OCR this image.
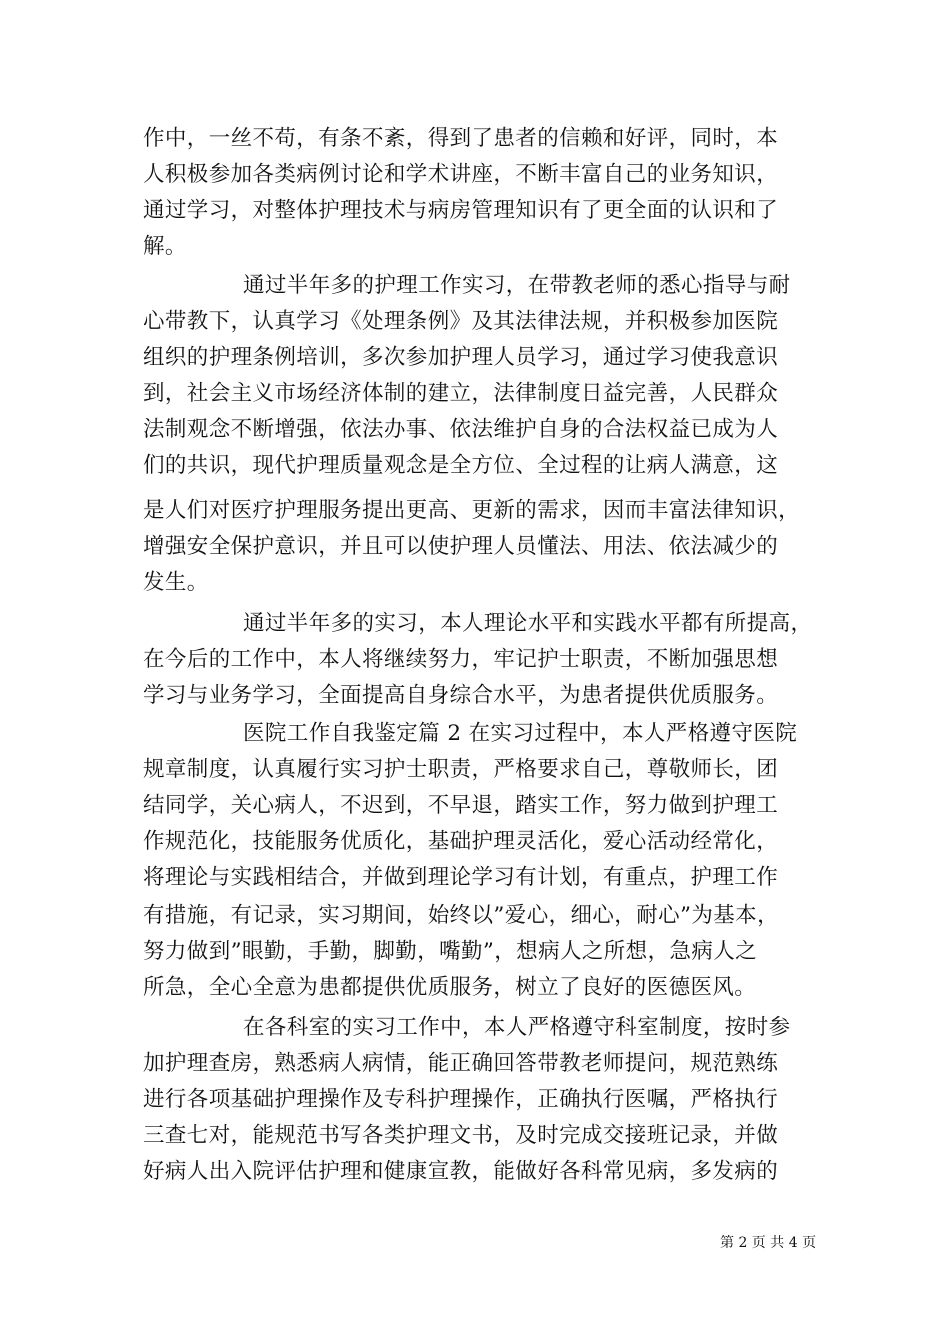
作中，一丝不苟，有条不紊，得到了患者的信赖和好评，同时，本
人积极参加各类病例讨论和学术讲座，不断丰富自己的业务知识，
通过学习，对整体护理技术与病房管理知识有了更全面的认识和了
解。
通过半年多的护理工作实习，在带教老师的悉心指导与耐
心带教下，认真学习《处理条例》及其法律法规，并积极参加医院
组织的护理条例培训，多次参加护理人员学习，通过学习使我意识
到，社会主义市场经济体制的建立，法律制度日益完善，人民群众
法制观念不断增强，依法办事、依法维护自身的合法权益已成为人
们的共识，现代护理质量观念是全方位、全过程的让病人满意，这
是人们对医疗护理服务提出更高、更新的需求，因而丰富法律知识，
增强安全保护意识，并且可以使护理人员懂法、用法、依法减少的
发生。
通过半年多的实习，本人理论水平和实践水平都有所提高，
在今后的工作中，本人将继续努力，牢记护士职责，不断加强思想
学习与业务学习，全面提高自身综合水平，为患者提供优质服务。
医院工作自我鉴定篇 2 在实习过程中，本人严格遵守医院
规章制度，认真履行实习护士职责，严格要求自己，尊敬师长，团
结同学，关心病人，不迟到，不早退，踏实工作，努力做到护理工
作规范化，技能服务优质化，基础护理灵活化，爱心活动经常化，
将理论与实践相结合，并做到理论学习有计划，有重点，护理工作
有措施，有记录，实习期间，始终以”爱心，细心，耐心”为基本，
努力做到”眼勤，手勤，脚勤，嘴勤”，想病人之所想，急病人之
所急，全心全意为患都提供优质服务，树立了良好的医德医风。
在各科室的实习工作中，本人严格遵守科室制度，按时参
加护理查房，熟悉病人病情，能正确回答带教老师提问，规范熟练
进行各项基础护理操作及专科护理操作，正确执行医嘱，严格执行
三查七对，能规范书写各类护理文书，及时完成交接班记录，并做
好病人出入院评估护理和健康宣教，能做好各科常见病，多发病的
第 2 页 共 4 页
